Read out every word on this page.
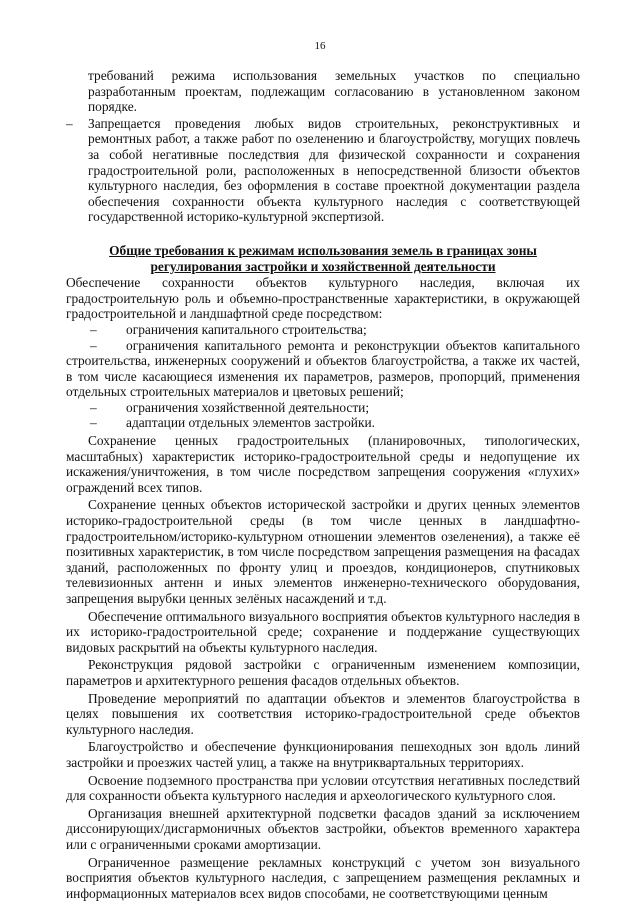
16

требований режима использования земельных участков по специально разработанным проектам, подлежащим согласованию в установленном законом порядке.

–	Запрещается проведения любых видов строительных, реконструктивных и ремонтных работ, а также работ по озеленению и благоустройству, могущих повлечь за собой негативные последствия для физической сохранности и сохранения градостроительной роли, расположенных в непосредственной близости объектов культурного наследия, без оформления в составе проектной документации раздела обеспечения сохранности объекта культурного наследия с соответствующей государственной историко-культурной экспертизой.
Общие требования к режимам использования земель в границах зоны регулирования застройки и хозяйственной деятельности

Обеспечение сохранности объектов культурного наследия, включая их градостроительную роль и объемно-пространственные характеристики, в окружающей градостроительной и ландшафтной среде посредством:

–	ограничения капитального строительства;

– ограничения капитального ремонта и реконструкции объектов капитального строительства, инженерных сооружений и объектов благоустройства, а также их частей, в том числе касающиеся изменения их параметров, размеров, пропорций, применения отдельных строительных материалов и цветовых решений;

–	ограничения хозяйственной деятельности;
–	адаптации отдельных элементов застройки.

Сохранение ценных градостроительных (планировочных, типологических, масштабных) характеристик историко-градостроительной среды и недопущение их искажения/уничтожения, в том числе посредством запрещения сооружения «глухих» ограждений всех типов.

Сохранение ценных объектов исторической застройки и других ценных элементов историко-градостроительной среды (в том числе ценных в ландшафтно-градостроительном/историко-культурном отношении элементов озеленения), а также её позитивных характеристик, в том числе посредством запрещения размещения на фасадах зданий, расположенных по фронту улиц и проездов, кондиционеров, спутниковых телевизионных антенн и иных элементов инженерно-технического оборудования, запрещения вырубки ценных зелёных насаждений и т.д.

Обеспечение оптимального визуального восприятия объектов культурного наследия в их историко-градостроительной среде; сохранение и поддержание существующих видовых раскрытий на объекты культурного наследия.

Реконструкция рядовой застройки с ограниченным изменением композиции, параметров и архитектурного решения фасадов отдельных объектов.

Проведение мероприятий по адаптации объектов и элементов благоустройства в целях повышения их соответствия историко-градостроительной среде объектов культурного наследия.

Благоустройство и обеспечение функционирования пешеходных зон вдоль линий застройки и проезжих частей улиц, а также на внутриквартальных территориях.

Освоение подземного пространства при условии отсутствия негативных последствий для сохранности объекта культурного наследия и археологического культурного слоя.

Организация внешней архитектурной подсветки фасадов зданий за исключением диссонирующих/дисгармоничных объектов застройки, объектов временного характера или с ограниченными сроками амортизации.

Ограниченное размещение рекламных конструкций с учетом зон визуального восприятия объектов культурного наследия, с запрещением размещения рекламных и информационных материалов всех видов способами, не соответствующими ценным
